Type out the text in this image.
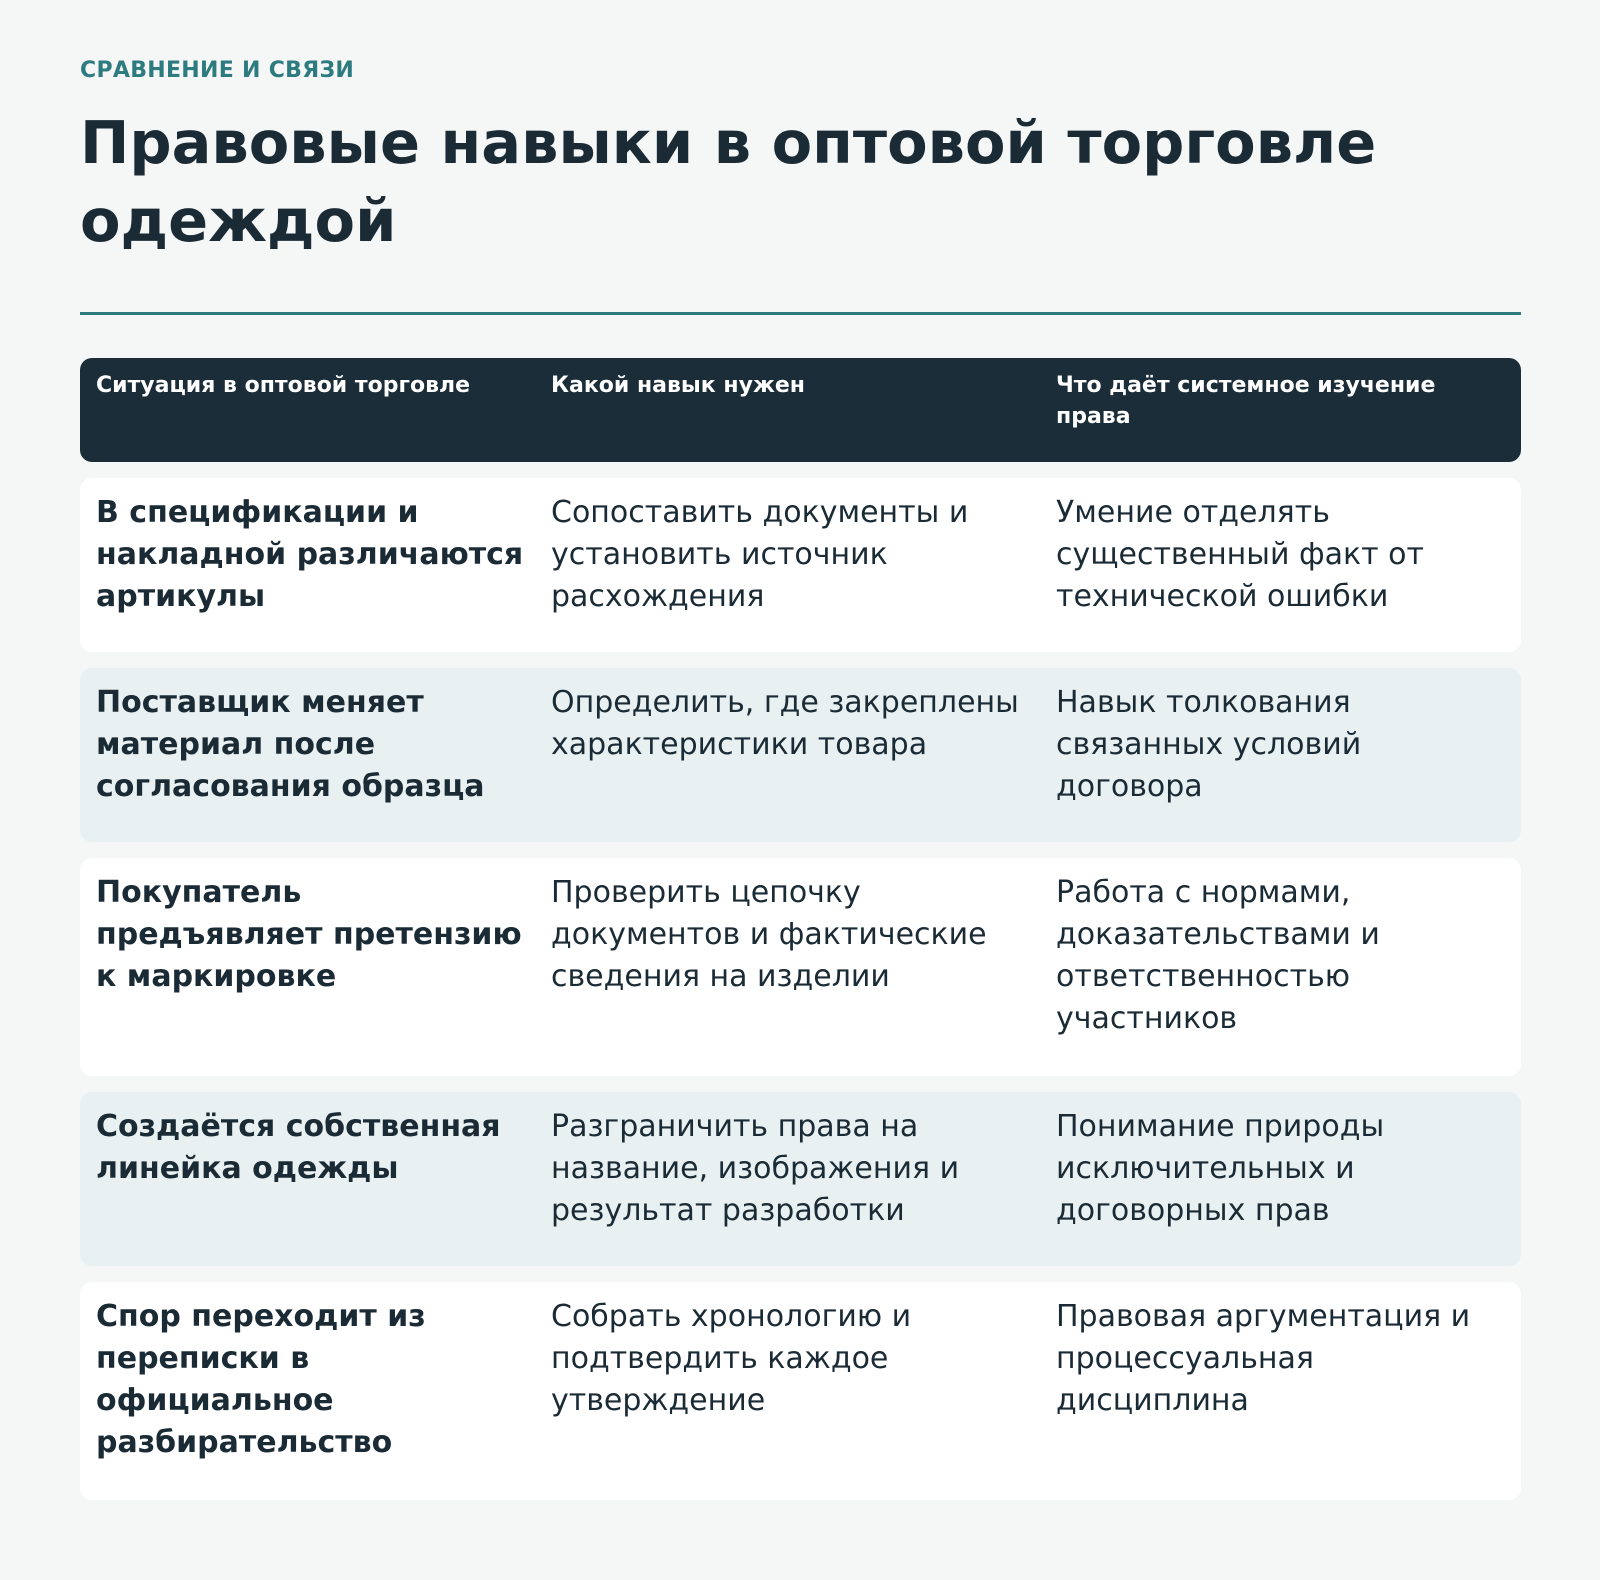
СРАВНЕНИЕ И СВЯЗИ

Правовые навыки в оптовой торговле одеждой
Ситуация в оптовой торговле	Какой навык нужен	Что даёт системное изучение права
В спецификации и накладной различаются артикулы
Сопоставить документы и установить источник расхождения
Умение отделять существенный факт от технической ошибки
Поставщик меняет материал после согласования образца
Определить, где закреплены характеристики товара
Навык толкования связанных условий договора
Покупатель предъявляет претензию к маркировке
Проверить цепочку документов и фактические сведения на изделии
Работа с нормами, доказательствами и ответственностью участников
Создаётся собственная линейка одежды
Разграничить права на название, изображения и результат разработки
Понимание природы исключительных и договорных прав
Спор переходит из переписки в официальное разбирательство
Собрать хронологию и подтвердить каждое утверждение
Правовая аргументация и процессуальная дисциплина
